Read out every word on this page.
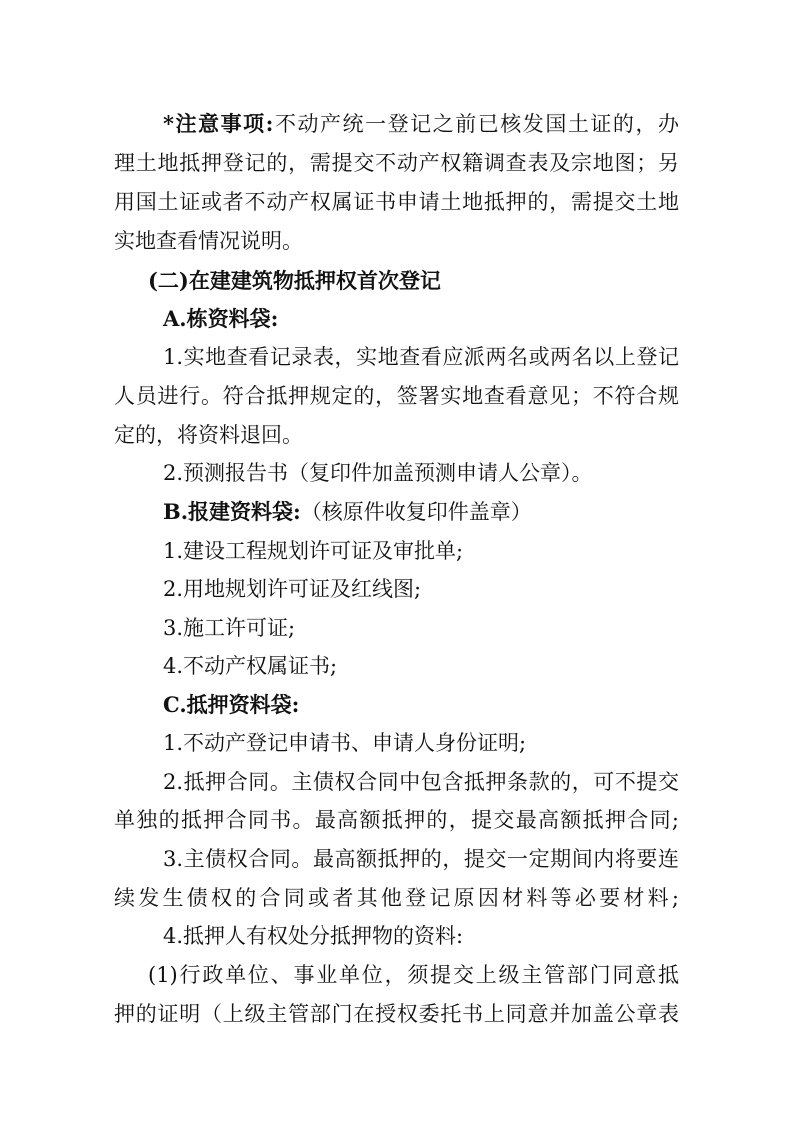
*注意事项:不动产统一登记之前已核发国土证的，办
理土地抵押登记的，需提交不动产权籍调查表及宗地图；另
用国土证或者不动产权属证书申请土地抵押的，需提交土地
实地查看情况说明。
(二)在建建筑物抵押权首次登记
A.栋资料袋:
1.实地查看记录表，实地查看应派两名或两名以上登记
人员进行。符合抵押规定的，签署实地查看意见；不符合规
定的，将资料退回。
2.预测报告书（复印件加盖预测申请人公章）。
B.报建资料袋:（核原件收复印件盖章）
1.建设工程规划许可证及审批单;
2.用地规划许可证及红线图;
3.施工许可证;
4.不动产权属证书;
C.抵押资料袋:
1.不动产登记申请书、申请人身份证明;
2.抵押合同。主债权合同中包含抵押条款的，可不提交
单独的抵押合同书。最高额抵押的，提交最高额抵押合同;
3.主债权合同。最高额抵押的，提交一定期间内将要连
续发生债权的合同或者其他登记原因材料等必要材料;
4.抵押人有权处分抵押物的资料:
(1)行政单位、事业单位，须提交上级主管部门同意抵
押的证明（上级主管部门在授权委托书上同意并加盖公章表
